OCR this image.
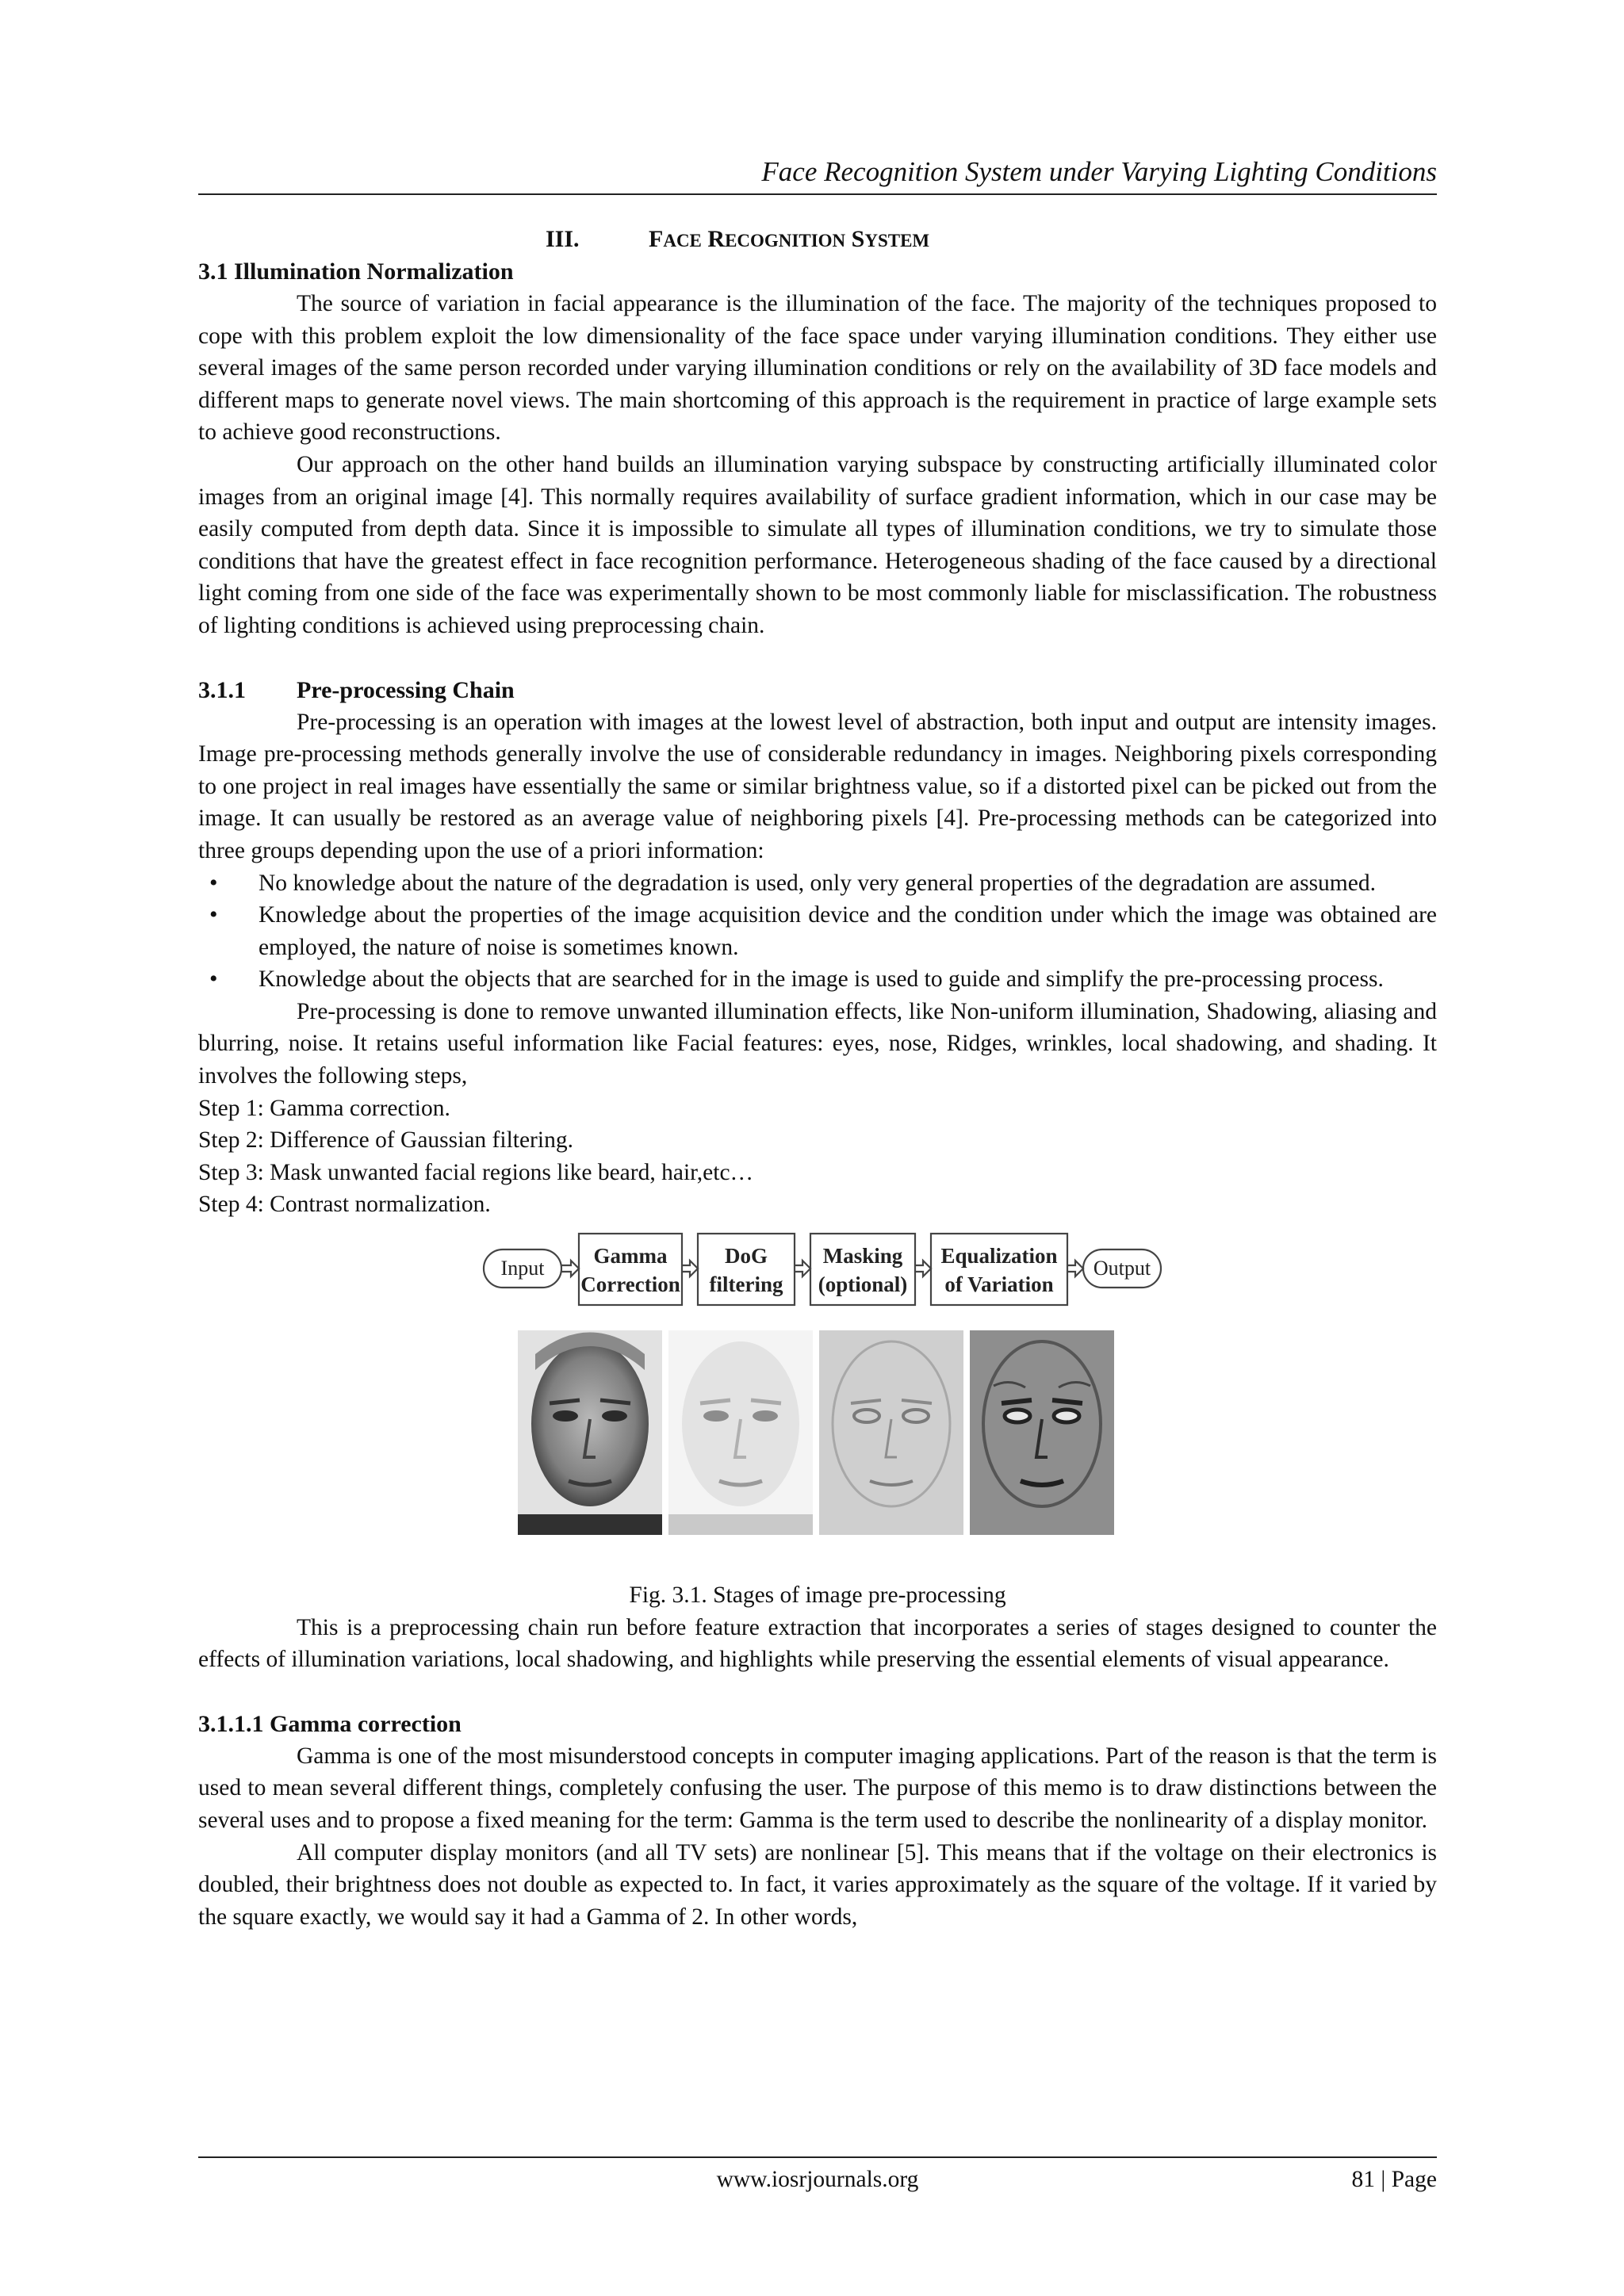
Face Recognition System under Varying Lighting Conditions
III.	FACE RECOGNITION SYSTEM
3.1 Illumination Normalization

The source of variation in facial appearance is the illumination of the face. The majority of the techniques proposed to cope with this problem exploit the low dimensionality of the face space under varying illumination conditions. They either use several images of the same person recorded under varying illumination conditions or rely on the availability of 3D face models and different maps to generate novel views. The main shortcoming of this approach is the requirement in practice of large example sets to achieve good reconstructions.

Our approach on the other hand builds an illumination varying subspace by constructing artificially illuminated color images from an original image [4]. This normally requires availability of surface gradient information, which in our case may be easily computed from depth data. Since it is impossible to simulate all types of illumination conditions, we try to simulate those conditions that have the greatest effect in face recognition performance. Heterogeneous shading of the face caused by a directional light coming from one side of the face was experimentally shown to be most commonly liable for misclassification. The robustness of lighting conditions is achieved using preprocessing chain.

3.1.1 Pre-processing Chain

Pre-processing is an operation with images at the lowest level of abstraction, both input and output are intensity images. Image pre-processing methods generally involve the use of considerable redundancy in images. Neighboring pixels corresponding to one project in real images have essentially the same or similar brightness value, so if a distorted pixel can be picked out from the image. It can usually be restored as an average value of neighboring pixels [4]. Pre-processing methods can be categorized into three groups depending upon the use of a priori information:

• No knowledge about the nature of the degradation is used, only very general properties of the degradation are assumed.
• Knowledge about the properties of the image acquisition device and the condition under which the image was obtained are employed, the nature of noise is sometimes known.
• Knowledge about the objects that are searched for in the image is used to guide and simplify the pre-processing process.

Pre-processing is done to remove unwanted illumination effects, like Non-uniform illumination, Shadowing, aliasing and blurring, noise. It retains useful information like Facial features: eyes, nose, Ridges, wrinkles, local shadowing, and shading. It involves the following steps,

Step 1: Gamma correction.
Step 2: Difference of Gaussian filtering.
Step 3: Mask unwanted facial regions like beard, hair,etc…
Step 4: Contrast normalization.
Input	Output
Gamma
Correction
DoG
filtering
Masking
(optional)
Equalization
of Variation
Fig. 3.1. Stages of image pre-processing

This is a preprocessing chain run before feature extraction that incorporates a series of stages designed to counter the effects of illumination variations, local shadowing, and highlights while preserving the essential elements of visual appearance.

3.1.1.1 Gamma correction

Gamma is one of the most misunderstood concepts in computer imaging applications. Part of the reason is that the term is used to mean several different things, completely confusing the user. The purpose of this memo is to draw distinctions between the several uses and to propose a fixed meaning for the term: Gamma is the term used to describe the nonlinearity of a display monitor.

All computer display monitors (and all TV sets) are nonlinear [5]. This means that if the voltage on their electronics is doubled, their brightness does not double as expected to. In fact, it varies approximately as the square of the voltage. If it varied by the square exactly, we would say it had a Gamma of 2. In other words,

www.iosrjournals.org	81 | Page
